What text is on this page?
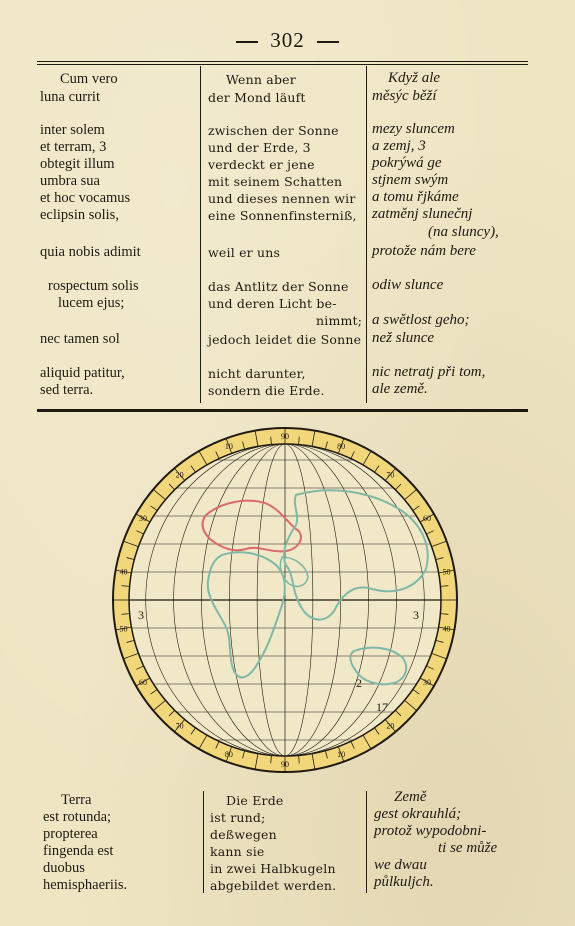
302
Cum vero
luna currit
inter solem
et terram, 3
obtegit illum
umbra sua
et hoc vocamus
eclipsin solis,
quia nobis adimit
rospectum solis
lucem ejus;
nec tamen sol
aliquid patitur,
sed terra.
Wenn aber
der Mond läuft
zwischen der Sonne
und der Erde, 3
verdeckt er jene
mit seinem Schatten
und dieses nennen wir
eine Sonnenfinsterniß,
weil er uns
das Antlitz der Sonne
und deren Licht be-
nimmt;
jedoch leidet die Sonne
nicht darunter,
sondern die Erde.
Když ale
měsýc běží
mezy sluncem
a zemj, 3
pokrýwá ge
stjnem swým
a tomu řjkáme
zatměnj slunečnj
(na sluncy),
protože nám bere
odiw slunce
a swětlost geho;
než slunce
nic netratj při tom,
ale země.
90
80
70
60
50
40
30
20
10
90
80
70
60
50
40
30
20
10
3	3
2
17
Terra
est rotunda;
propterea
fingenda est
duobus
hemisphaeriis.
Die Erde
ist rund;
deßwegen
kann sie
in zwei Halbkugeln
abgebildet werden.
Země
gest okrauhlá;
protož wypodobni-
ti se může
we dwau
půlkuljch.
